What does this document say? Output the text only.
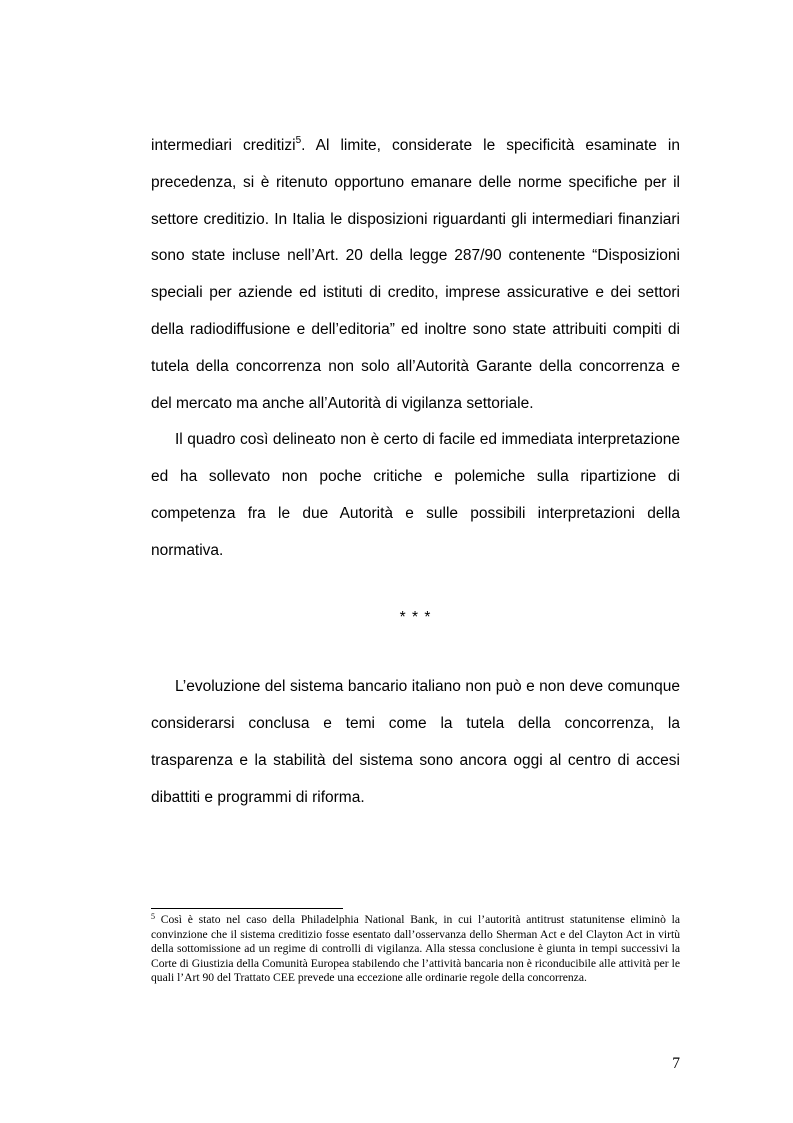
intermediari creditizi$^5$. Al limite, considerate le specificità esaminate in precedenza, si è ritenuto opportuno emanare delle norme specifiche per il settore creditizio. In Italia le disposizioni riguardanti gli intermediari finanziari sono state incluse nell’Art. 20 della legge 287/90 contenente “Disposizioni speciali per aziende ed istituti di credito, imprese assicurative e dei settori della radiodiffusione e dell’editoria” ed inoltre sono state attribuiti compiti di tutela della concorrenza non solo all’Autorità Garante della concorrenza e del mercato ma anche all’Autorità di vigilanza settoriale.

Il quadro così delineato non è certo di facile ed immediata interpretazione ed ha sollevato non poche critiche e polemiche sulla ripartizione di competenza fra le due Autorità e sulle possibili interpretazioni della normativa.

* * *

L’evoluzione del sistema bancario italiano non può e non deve comunque considerarsi conclusa e temi come la tutela della concorrenza, la trasparenza e la stabilità del sistema sono ancora oggi al centro di accesi dibattiti e programmi di riforma.

$^5$ Così è stato nel caso della Philadelphia National Bank, in cui l’autorità antitrust statunitense eliminò la convinzione che il sistema creditizio fosse esentato dall’osservanza dello Sherman Act e del Clayton Act in virtù della sottomissione ad un regime di controlli di vigilanza. Alla stessa conclusione è giunta in tempi successivi la Corte di Giustizia della Comunità Europea stabilendo che l’attività bancaria non è riconducibile alle attività per le quali l’Art 90 del Trattato CEE prevede una eccezione alle ordinarie regole della concorrenza.

7
